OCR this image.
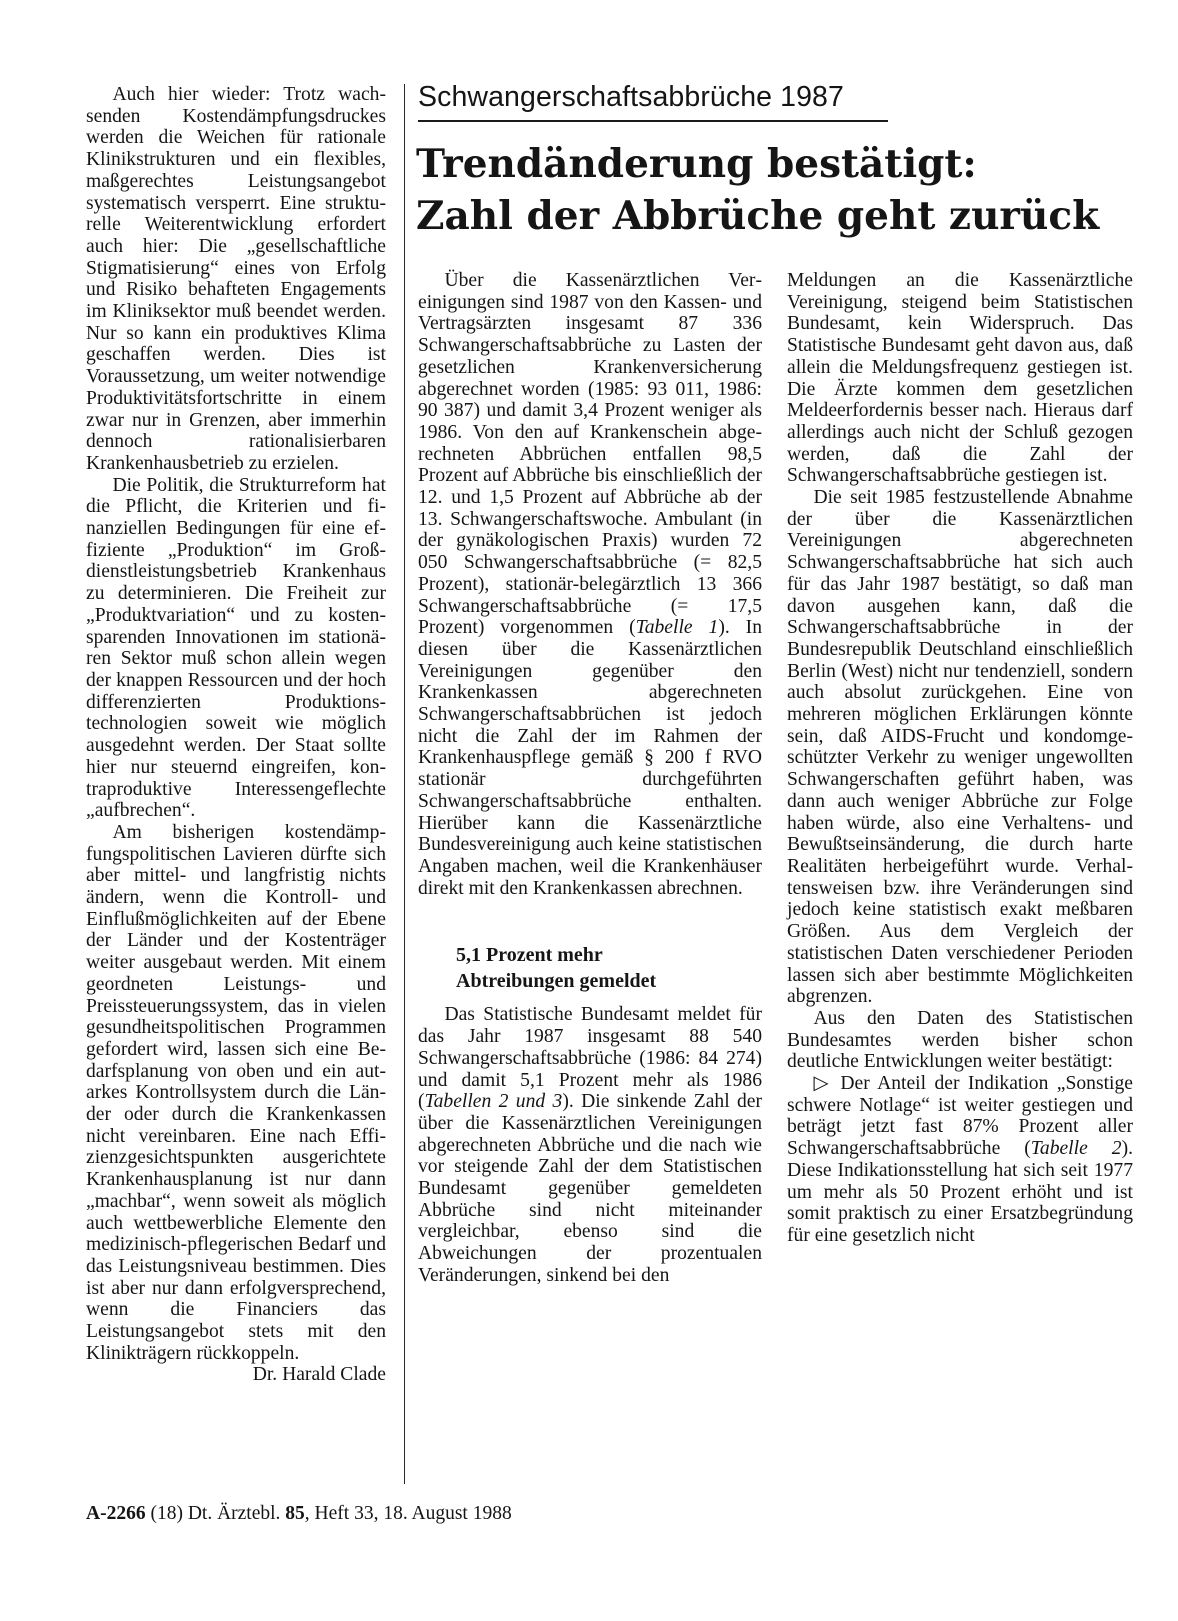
Auch hier wieder: Trotz wachsenden Kostendämpfungsdruckes werden die Weichen für rationale Klinikstrukturen und ein flexibles, maßgerechtes Leistungsangebot systematisch versperrt. Eine strukturelle Weiterentwicklung erfordert auch hier: Die „gesellschaftliche Stigmatisierung“ eines von Erfolg und Risiko behafteten Engagements im Kliniksektor muß beendet werden. Nur so kann ein produktives Klima geschaffen werden. Dies ist Voraussetzung, um weiter notwendige Produktivitätsfortschritte in einem zwar nur in Grenzen, aber immerhin dennoch rationalisierbaren Krankenhausbetrieb zu erzielen.

Die Politik, die Strukturreform hat die Pflicht, die Kriterien und finanziellen Bedingungen für eine effiziente „Produktion“ im Großdienstleistungsbetrieb Krankenhaus zu determinieren. Die Freiheit zur „Produktvariation“ und zu kostensparenden Innovationen im stationären Sektor muß schon allein wegen der knappen Ressourcen und der hoch differenzierten Produktionstechnologien soweit wie möglich ausgedehnt werden. Der Staat sollte hier nur steuernd eingreifen, kontraproduktive Interessengeflechte „aufbrechen“.

Am bisherigen kostendämpfungspolitischen Lavieren dürfte sich aber mittel- und langfristig nichts ändern, wenn die Kontroll- und Einflußmöglichkeiten auf der Ebene der Länder und der Kostenträger weiter ausgebaut werden. Mit einem geordneten Leistungs- und Preissteuerungssystem, das in vielen gesundheitspolitischen Programmen gefordert wird, lassen sich eine Bedarfsplanung von oben und ein autarkes Kontrollsystem durch die Länder oder durch die Krankenkassen nicht vereinbaren. Eine nach Effizienzgesichtspunkten ausgerichtete Krankenhausplanung ist nur dann „machbar“, wenn soweit als möglich auch wettbewerbliche Elemente den medizinisch-pflegerischen Bedarf und das Leistungsniveau bestimmen. Dies ist aber nur dann erfolgversprechend, wenn die Financiers das Leistungsangebot stets mit den Klinikträgern rückkoppeln.

Dr. Harald Clade

Schwangerschaftsabbrüche 1987
Trendänderung bestätigt:
Zahl der Abbrüche geht zurück

Über die Kassenärztlichen Vereinigungen sind 1987 von den Kassen- und Vertragsärzten insgesamt 87 336 Schwangerschaftsabbrüche zu Lasten der gesetzlichen Krankenversicherung abgerechnet worden (1985: 93 011, 1986: 90 387) und damit 3,4 Prozent weniger als 1986. Von den auf Krankenschein abgerechneten Abbrüchen entfallen 98,5 Prozent auf Abbrüche bis einschließlich der 12. und 1,5 Prozent auf Abbrüche ab der 13. Schwangerschaftswoche. Ambulant (in der gynäkologischen Praxis) wurden 72 050 Schwangerschaftsabbrüche (= 82,5 Prozent), stationär-belegärztlich 13 366 Schwangerschaftsabbrüche (= 17,5 Prozent) vorgenommen (Tabelle 1). In diesen über die Kassenärztlichen Vereinigungen gegenüber den Krankenkassen abgerechneten Schwangerschaftsabbrüchen ist jedoch nicht die Zahl der im Rahmen der Krankenhauspflege gemäß § 200 f RVO stationär durchgeführten Schwangerschaftsabbrüche enthalten. Hierüber kann die Kassenärztliche Bundesvereinigung auch keine statistischen Angaben machen, weil die Krankenhäuser direkt mit den Krankenkassen abrechnen.

5,1 Prozent mehr
Abtreibungen gemeldet

Das Statistische Bundesamt meldet für das Jahr 1987 insgesamt 88 540 Schwangerschaftsabbrüche (1986: 84 274) und damit 5,1 Prozent mehr als 1986 (Tabellen 2 und 3). Die sinkende Zahl der über die Kassenärztlichen Vereinigungen abgerechneten Abbrüche und die nach wie vor steigende Zahl der dem Statistischen Bundesamt gegenüber gemeldeten Abbrüche sind nicht miteinander vergleichbar, ebenso sind die Abweichungen der prozentualen Veränderungen, sinkend bei den

Meldungen an die Kassenärztliche Vereinigung, steigend beim Statistischen Bundesamt, kein Widerspruch. Das Statistische Bundesamt geht davon aus, daß allein die Meldungsfrequenz gestiegen ist. Die Ärzte kommen dem gesetzlichen Meldeerfordernis besser nach. Hieraus darf allerdings auch nicht der Schluß gezogen werden, daß die Zahl der Schwangerschaftsabbrüche gestiegen ist.

Die seit 1985 festzustellende Abnahme der über die Kassenärztlichen Vereinigungen abgerechneten Schwangerschaftsabbrüche hat sich auch für das Jahr 1987 bestätigt, so daß man davon ausgehen kann, daß die Schwangerschaftsabbrüche in der Bundesrepublik Deutschland einschließlich Berlin (West) nicht nur tendenziell, sondern auch absolut zurückgehen. Eine von mehreren möglichen Erklärungen könnte sein, daß AIDS-Frucht und kondomgeschützter Verkehr zu weniger ungewollten Schwangerschaften geführt haben, was dann auch weniger Abbrüche zur Folge haben würde, also eine Verhaltens- und Bewußtseinsänderung, die durch harte Realitäten herbeigeführt wurde. Verhaltensweisen bzw. ihre Veränderungen sind jedoch keine statistisch exakt meßbaren Größen. Aus dem Vergleich der statistischen Daten verschiedener Perioden lassen sich aber bestimmte Möglichkeiten abgrenzen.

Aus den Daten des Statistischen Bundesamtes werden bisher schon deutliche Entwicklungen weiter bestätigt:

▷ Der Anteil der Indikation „Sonstige schwere Notlage“ ist weiter gestiegen und beträgt jetzt fast 87% Prozent aller Schwangerschaftsabbrüche (Tabelle 2). Diese Indikationsstellung hat sich seit 1977 um mehr als 50 Prozent erhöht und ist somit praktisch zu einer Ersatzbegründung für eine gesetzlich nicht

A-2266 (18) Dt. Ärztebl. 85, Heft 33, 18. August 1988
